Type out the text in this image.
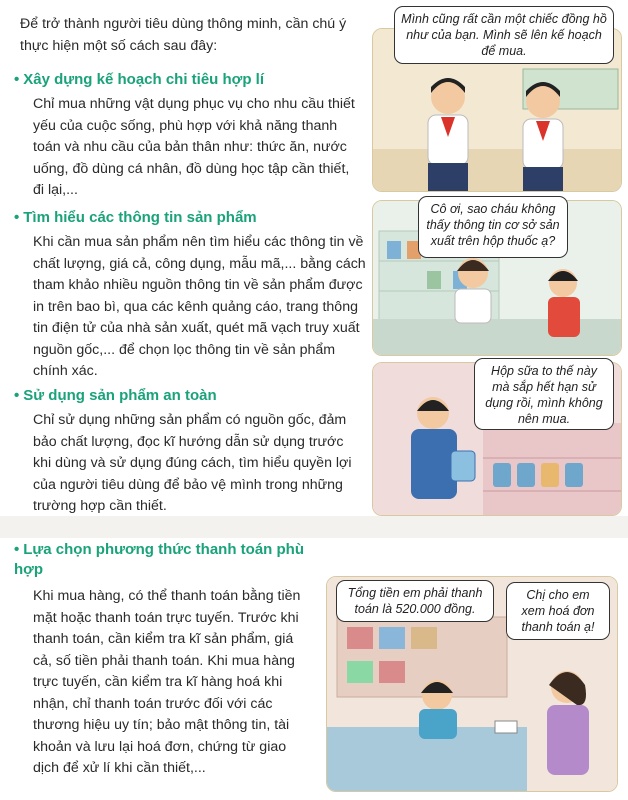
Để trở thành người tiêu dùng thông minh, cần chú ý thực hiện một số cách sau đây:

• Xây dựng kế hoạch chi tiêu hợp lí

Chỉ mua những vật dụng phục vụ cho nhu cầu thiết yếu của cuộc sống, phù hợp với khả năng thanh toán và nhu cầu của bản thân như: thức ăn, nước uống, đồ dùng cá nhân, đồ dùng học tập cần thiết, đi lại,...

• Tìm hiểu các thông tin sản phẩm

Khi cần mua sản phẩm nên tìm hiểu các thông tin về chất lượng, giá cả, công dụng, mẫu mã,... bằng cách tham khảo nhiều nguồn thông tin về sản phẩm được in trên bao bì, qua các kênh quảng cáo, trang thông tin điện tử của nhà sản xuất, quét mã vạch truy xuất nguồn gốc,... để chọn lọc thông tin về sản phẩm chính xác.

• Sử dụng sản phẩm an toàn

Chỉ sử dụng những sản phẩm có nguồn gốc, đảm bảo chất lượng, đọc kĩ hướng dẫn sử dụng trước khi dùng và sử dụng đúng cách, tìm hiểu quyền lợi của người tiêu dùng để bảo vệ mình trong những trường hợp cần thiết.

• Lựa chọn phương thức thanh toán phù hợp

Khi mua hàng, có thể thanh toán bằng tiền mặt hoặc thanh toán trực tuyến. Trước khi thanh toán, cần kiểm tra kĩ sản phẩm, giá cả, số tiền phải thanh toán. Khi mua hàng trực tuyến, cần kiểm tra kĩ hàng hoá khi nhận, chỉ thanh toán trước đối với các thương hiệu uy tín; bảo mật thông tin, tài khoản và lưu lại hoá đơn, chứng từ giao dịch để xử lí khi cần thiết,...

Mình cũng rất cần một chiếc đồng hồ như của bạn. Mình sẽ lên kế hoạch để mua.
Cô ơi, sao cháu không thấy thông tin cơ sở sản xuất trên hộp thuốc ạ?
Hộp sữa to thế này mà sắp hết hạn sử dụng rồi, mình không nên mua.
Tổng tiền em phải thanh toán là 520.000 đồng.
Chị cho em xem hoá đơn thanh toán ạ!
